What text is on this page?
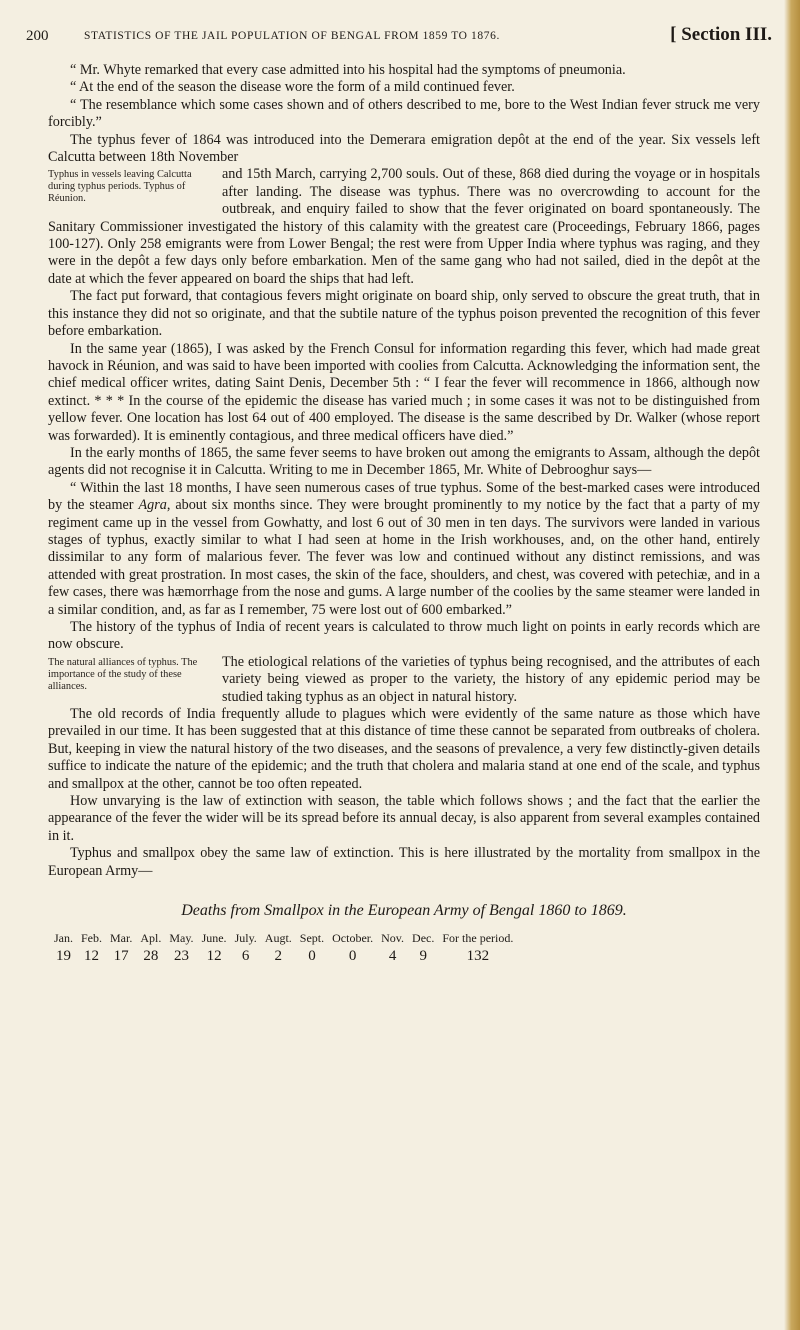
200	STATISTICS OF THE JAIL POPULATION OF BENGAL FROM 1859 TO 1876.	[ Section III.

“ Mr. Whyte remarked that every case admitted into his hospital had the symptoms of pneumonia.

“ At the end of the season the disease wore the form of a mild continued fever.

“ The resemblance which some cases shown and of others described to me, bore to the West Indian fever struck me very forcibly.”

The typhus fever of 1864 was introduced into the Demerara emigration depôt at the end of the year. Six vessels left Calcutta between 18th November

Typhus in vessels leaving Calcutta during typhus periods. Typhus of Réunion.
and 15th March, carrying 2,700 souls. Out of these, 868 died during the voyage or in hospitals after landing. The disease was typhus. There was no overcrowding to account for the outbreak, and enquiry failed to show that the fever originated on board spontaneously. The Sanitary Commissioner investigated the history of this calamity with the greatest care (Proceedings, February 1866, pages 100-127). Only 258 emigrants were from Lower Bengal; the rest were from Upper India where typhus was raging, and they were in the depôt a few days only before embarkation. Men of the same gang who had not sailed, died in the depôt at the date at which the fever appeared on board the ships that had left.

The fact put forward, that contagious fevers might originate on board ship, only served to obscure the great truth, that in this instance they did not so originate, and that the subtile nature of the typhus poison prevented the recognition of this fever before embarkation.

In the same year (1865), I was asked by the French Consul for information regarding this fever, which had made great havock in Réunion, and was said to have been imported with coolies from Calcutta. Acknowledging the information sent, the chief medical officer writes, dating Saint Denis, December 5th : “ I fear the fever will recommence in 1866, although now extinct. * * * In the course of the epidemic the disease has varied much ; in some cases it was not to be distinguished from yellow fever. One location has lost 64 out of 400 employed. The disease is the same described by Dr. Walker (whose report was forwarded). It is eminently contagious, and three medical officers have died.”

In the early months of 1865, the same fever seems to have broken out among the emigrants to Assam, although the depôt agents did not recognise it in Calcutta. Writing to me in December 1865, Mr. White of Debrooghur says—

“ Within the last 18 months, I have seen numerous cases of true typhus. Some of the best-marked cases were introduced by the steamer Agra, about six months since. They were brought prominently to my notice by the fact that a party of my regiment came up in the vessel from Gowhatty, and lost 6 out of 30 men in ten days. The survivors were landed in various stages of typhus, exactly similar to what I had seen at home in the Irish workhouses, and, on the other hand, entirely dissimilar to any form of malarious fever. The fever was low and continued without any distinct remissions, and was attended with great prostration. In most cases, the skin of the face, shoulders, and chest, was covered with petechiæ, and in a few cases, there was hæmorrhage from the nose and gums. A large number of the coolies by the same steamer were landed in a similar condition, and, as far as I remember, 75 were lost out of 600 embarked.”

The history of the typhus of India of recent years is calculated to throw much light on points in early records which are now obscure.

The natural alliances of typhus. The importance of the study of these alliances.
The etiological relations of the varieties of typhus being recognised, and the attributes of each variety being viewed as proper to the variety, the history of any epidemic period may be studied taking typhus as an object in natural history.

The old records of India frequently allude to plagues which were evidently of the same nature as those which have prevailed in our time. It has been suggested that at this distance of time these cannot be separated from outbreaks of cholera. But, keeping in view the natural history of the two diseases, and the seasons of prevalence, a very few distinctly-given details suffice to indicate the nature of the epidemic; and the truth that cholera and malaria stand at one end of the scale, and typhus and smallpox at the other, cannot be too often repeated.

How unvarying is the law of extinction with season, the table which follows shows ; and the fact that the earlier the appearance of the fever the wider will be its spread before its annual decay, is also apparent from several examples contained in it.

Typhus and smallpox obey the same law of extinction. This is here illustrated by the mortality from smallpox in the European Army—

Deaths from Smallpox in the European Army of Bengal 1860 to 1869.
Jan.	Feb.	Mar.	Apl.	May.	June.	July.	Augt.	Sept.	October.	Nov.	Dec.	For the period.
19	12	17	28	23	12	6	2	0	0	4	9	132
